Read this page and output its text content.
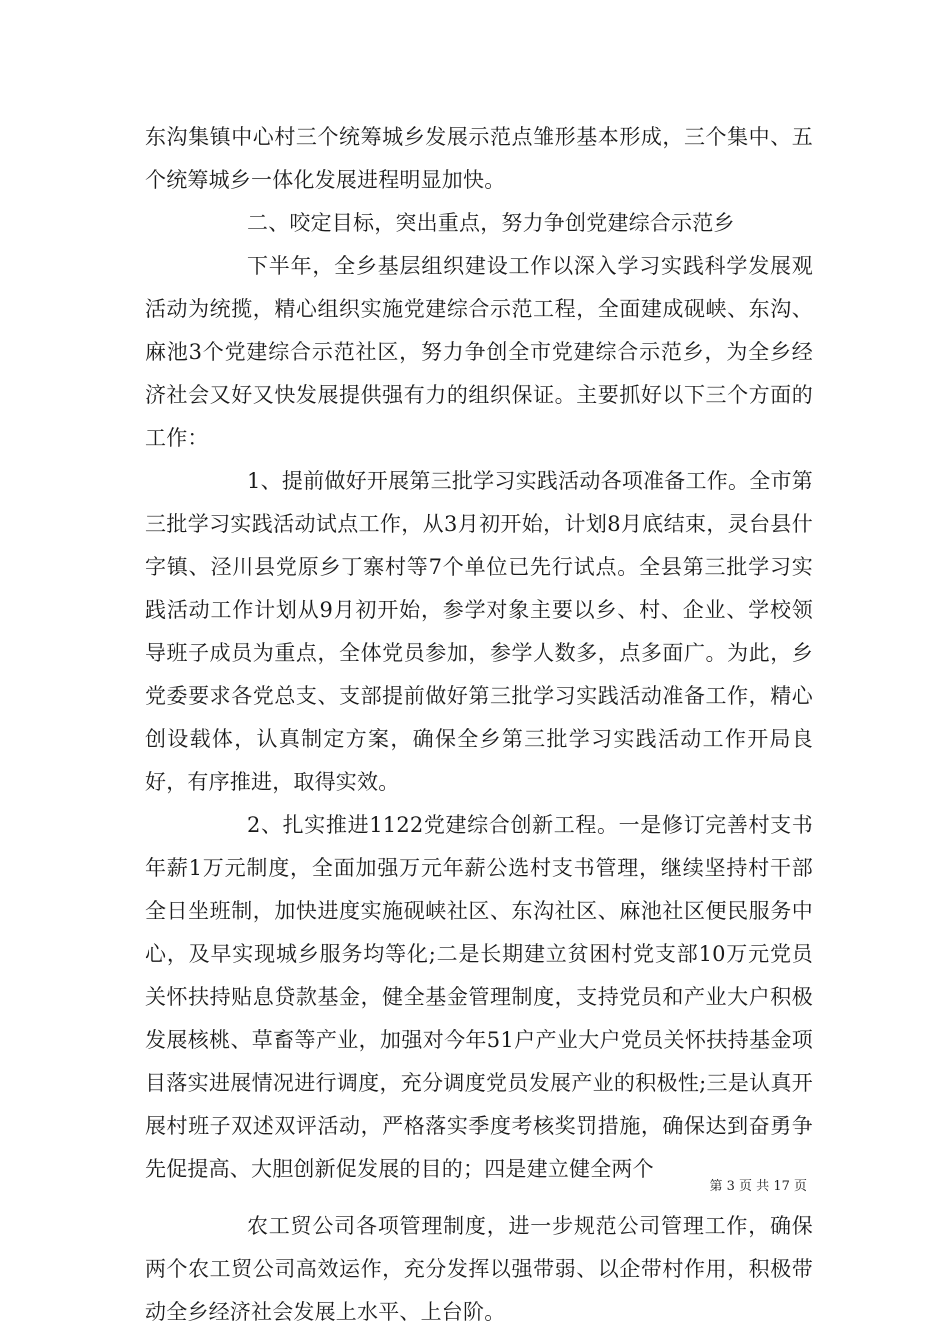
东沟集镇中心村三个统筹城乡发展示范点雏形基本形成，三个集中、五个统筹城乡一体化发展进程明显加快。

二、咬定目标，突出重点，努力争创党建综合示范乡

下半年，全乡基层组织建设工作以深入学习实践科学发展观活动为统揽，精心组织实施党建综合示范工程，全面建成砚峡、东沟、麻池3个党建综合示范社区，努力争创全市党建综合示范乡，为全乡经济社会又好又快发展提供强有力的组织保证。主要抓好以下三个方面的工作：

1、提前做好开展第三批学习实践活动各项准备工作。全市第三批学习实践活动试点工作，从3月初开始，计划8月底结束，灵台县什字镇、泾川县党原乡丁寨村等7个单位已先行试点。全县第三批学习实践活动工作计划从9月初开始，参学对象主要以乡、村、企业、学校领导班子成员为重点，全体党员参加，参学人数多，点多面广。为此，乡党委要求各党总支、支部提前做好第三批学习实践活动准备工作，精心创设载体，认真制定方案，确保全乡第三批学习实践活动工作开局良好，有序推进，取得实效。

2、扎实推进1122党建综合创新工程。一是修订完善村支书年薪1万元制度，全面加强万元年薪公选村支书管理，继续坚持村干部全日坐班制，加快进度实施砚峡社区、东沟社区、麻池社区便民服务中心，及早实现城乡服务均等化;二是长期建立贫困村党支部10万元党员关怀扶持贴息贷款基金，健全基金管理制度，支持党员和产业大户积极发展核桃、草畜等产业，加强对今年51户产业大户党员关怀扶持基金项目落实进展情况进行调度，充分调度党员发展产业的积极性;三是认真开展村班子双述双评活动，严格落实季度考核奖罚措施，确保达到奋勇争先促提高、大胆创新促发展的目的；四是建立健全两个

农工贸公司各项管理制度，进一步规范公司管理工作，确保两个农工贸公司高效运作，充分发挥以强带弱、以企带村作用，积极带动全乡经济社会发展上水平、上台阶。

第 3 页 共 17 页
